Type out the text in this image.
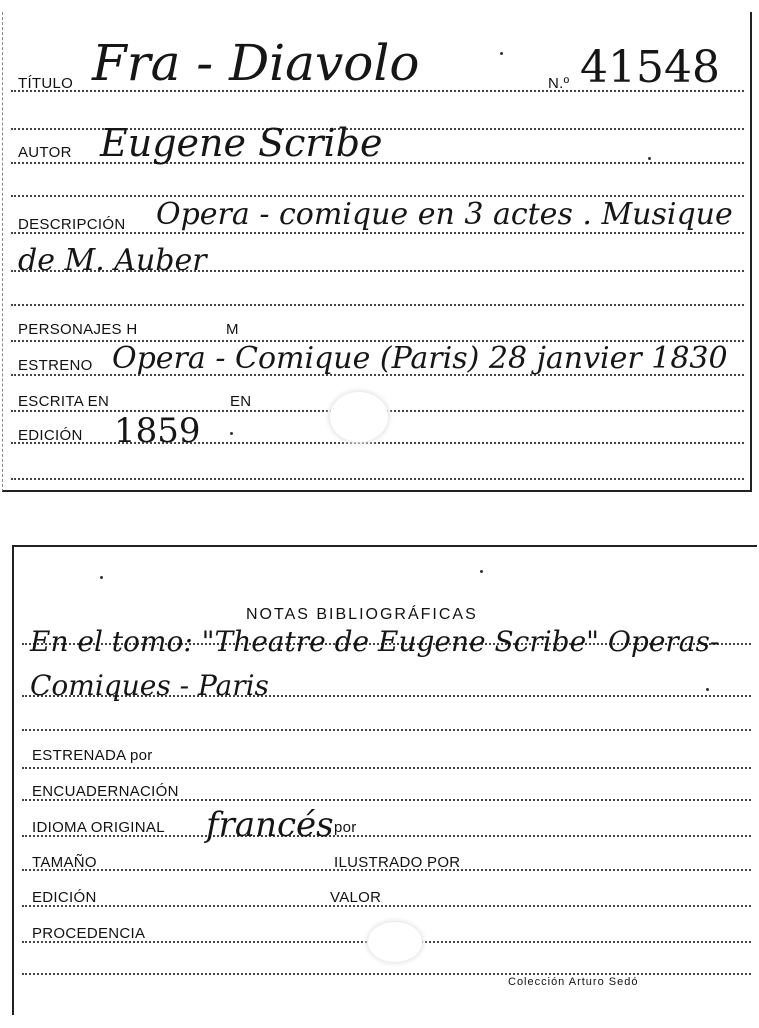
TÍTULO Fra - Diavolo	N.º 41548
AUTOR Eugene Scribe
DESCRIPCIÓN Opera - comique en 3 actes . Musique
de M. Auber
PERSONAJES H	M
ESTRENO Opera - Comique (Paris) 28 janvier 1830
ESCRITA EN	EN
EDICIÓN 1859
NOTAS BIBLIOGRÁFICAS
En el tomo: "Theatre de Eugene Scribe" Operas-
Comiques - Paris
ESTRENADA por
ENCUADERNACIÓN
IDIOMA ORIGINAL francés por
TAMAÑO	ILUSTRADO POR
EDICIÓN	VALOR
PROCEDENCIA
Colección Arturo Sedó
